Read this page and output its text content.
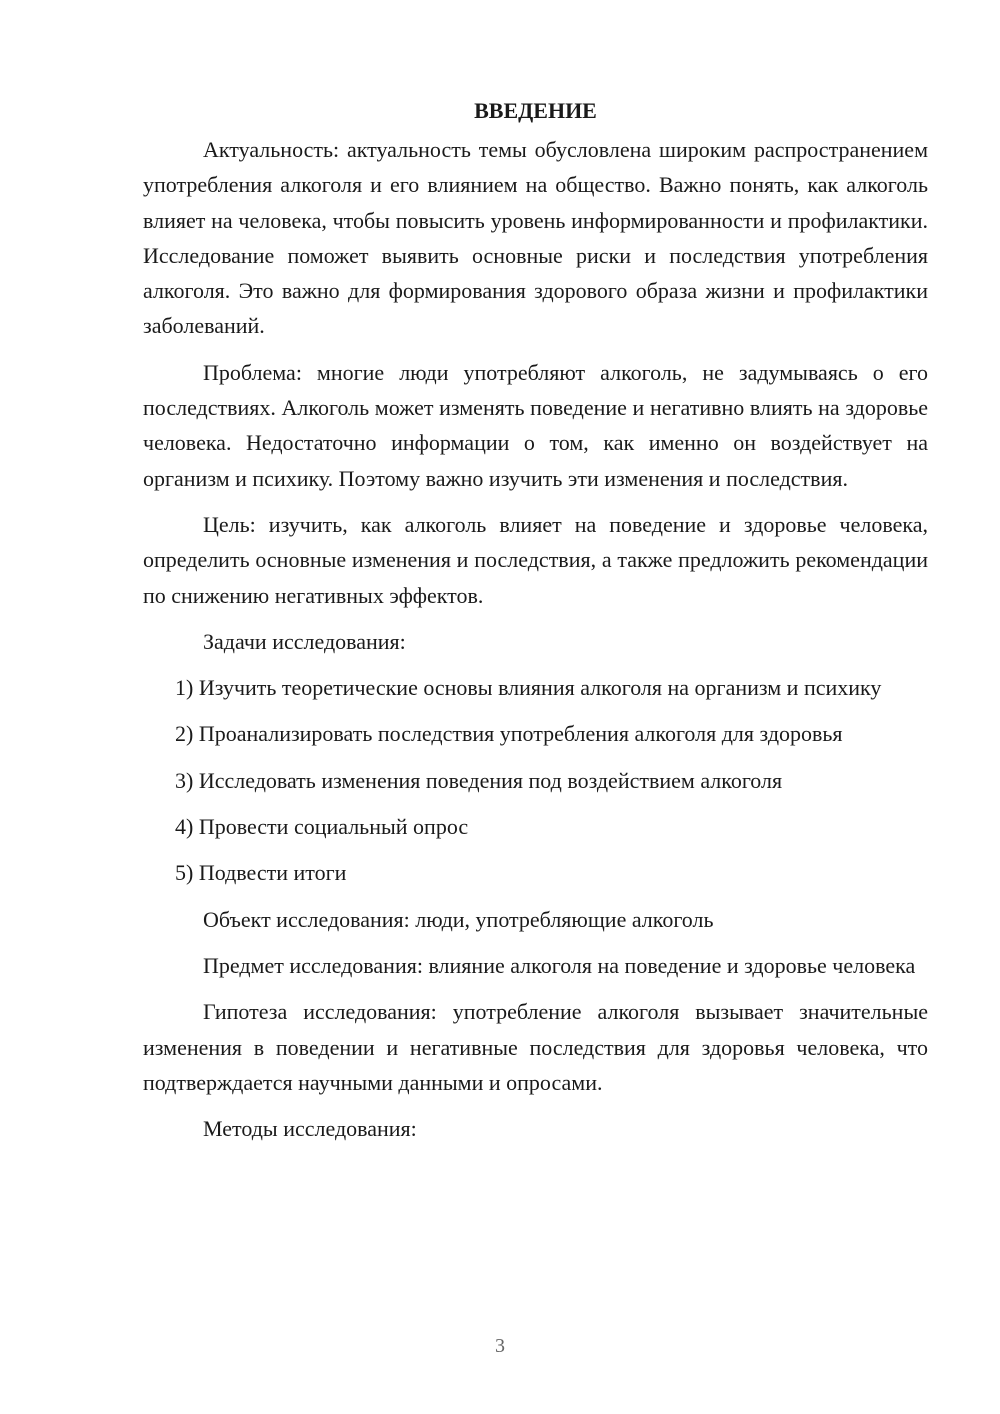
ВВЕДЕНИЕ

Актуальность: актуальность темы обусловлена широким распространением употребления алкоголя и его влиянием на общество. Важно понять, как алкоголь влияет на человека, чтобы повысить уровень информированности и профилактики. Исследование поможет выявить основные риски и последствия употребления алкоголя. Это важно для формирования здорового образа жизни и профилактики заболеваний.

Проблема: многие люди употребляют алкоголь, не задумываясь о его последствиях. Алкоголь может изменять поведение и негативно влиять на здоровье человека. Недостаточно информации о том, как именно он воздействует на организм и психику. Поэтому важно изучить эти изменения и последствия.

Цель: изучить, как алкоголь влияет на поведение и здоровье человека, определить основные изменения и последствия, а также предложить рекомендации по снижению негативных эффектов.

Задачи исследования:

1) Изучить теоретические основы влияния алкоголя на организм и психику

2) Проанализировать последствия употребления алкоголя для здоровья

3) Исследовать изменения поведения под воздействием алкоголя

4) Провести социальный опрос

5) Подвести итоги

Объект исследования: люди, употребляющие алкоголь

Предмет исследования: влияние алкоголя на поведение и здоровье человека

Гипотеза исследования: употребление алкоголя вызывает значительные изменения в поведении и негативные последствия для здоровья человека, что подтверждается научными данными и опросами.

Методы исследования:

3
